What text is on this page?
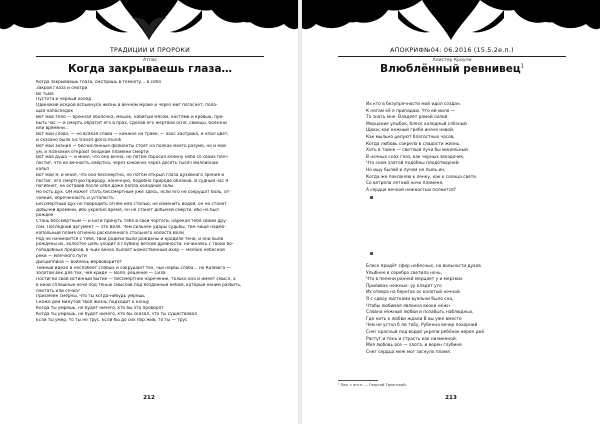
ТРАДИЦИИ И ПРОРОКИ
Атлас
Когда закрываешь глаза…

Когда закрываешь глаза, смотришь в темноту… в себя

Закрой глаза и смотри

Во тьма

Пустота и чёрный холод

Одинокий искрой вспыхнула жизнь в вечном мраке и через миг погаснет, пола-

щая напоследок

Вот мой тело — бренная оболочка, мешок, набитый мясом, костями и кровью, про-

быть час — и смерть обратит его в прах, сделав его жертвой огня, свинцы, болезни

или времени…

Вот мои слова, — но всякая слава — кинжал на траве, — хаос хаотрика, и опал цвет,

и сказано было Sic transit gloria mundi

Вот мои знания — бесчисленные фолианты стоят на полках моего разума, но и мой

ум, и познания откроют безднам пламени смерти

Вот мая душа — и мнил, что она вечна, но потом сбросил келину небо со своих плеч

постиг, что её вечность смертна, через какой-их через десять тысяч миллионов

кальп

Вот мой Я, и мнил, что оно бессмертно, но потом открыл глаза духовного зрения и

постиг, его смертную природу, конечную, подобно природе облаков. В судный час Я

погибнет, не оставив после себя даже пепла холодной золы

Но есть Дух. ОН может стать бессмертным уже здесь, если его не сокрушат боль, от-

чаяние, обречённость и усталость

Бессмертный Дух не повредить огнём или сталью, не изменить водой, он не станет

добычей времени, ибо укрепил время, он не станет добычей смерти, ибо не был

рождён

Стань бессмертным — и Боги принуть тебя в свои чертоги, нарекая тебя своим дру-

гом. Последний аргумент — это Воля. Чем сильнее удары судьбы, тем чище надмо-

копольный пламя огненно раскалённого стального холоста Воли

Род не начинается с тебя, твои родичи были рождены и кродиле тени, и они были

рождены их, холостее цепь уходит в глубину веткой древности, начинаясь с твоих бо-

гоподобных предков, в чьих венах пылает Божественный ихор — молоко небесной

реки — млечного пути

Дисциплина — войлень Вервоворитет

Тёмный идеал и неслабеет слабых и сокрушает тех, чьи нервы слаба… но Калиюга —

золотой век для тех, чей криде — Воля, решение — Сила

Постигни свой истинный бытие — бессмертное наречение, только оно и имеет смысл, а

в иной сплошные ночи под тенью смыслов под бездонный небом, который неним разбить,

смотать или сечка?

Присмейн смерны, что ты когда-нибудь умрёшь

Скоже дей минутой твоя жизнь подходит к концу

Когда ты умрёшь, не будет ничего, кто бы это проворят

Когда ты умрёшь, не будет ничего, кто бы сказал, что ты существовал

Если ты умер, то ты не трус. Если бы до сих пор жив, то ты — трус

212
АПОКРИФ№04: 06.2016 (15.5.2e.п.)
Алистер Кроули
Влюблённый ревнивец$^1$

Их кто в безупречности мой идол создан.

К ногам её я припадаю. Что ей мило —

То знать мне. Владеет рамой силой.

Мерцание улыбок, блеск холодный слёзный

Щеки, как нежный гребе иначе новой.

Как мыльно целуют благостных часов,

Когда любовь сокрела в сладости жизнь.

Хоть в тайне — светлый лучи бы минельный

В ночных снах глаз, как черных звездочек,

Что сном златой подобны плодотворней.

Но ищу былой и лучом не пыль ин,

Когда же поклоняю к ленку, как к солнца свете,

Со ветрела летний ночи пламеня,

А сердце вечной нежностью полнится?

Блеск придёт сфер небесных, но вольности духов

Улыбнее в серебро светила ночь,

Что в пелени ранней мерцает у и мерзких

Приливах нежных: уу кладет уго

Их отвера на берегах ос колотый ночной.

Я с сдвоу листками вуяльни было сна,

Чтобы любимая явленна вкоки нежн

Словно нежный любви и позабыть наблюдных,

Где нить к любви ждали В вы уже вместе

Чем не устал б ли тобу, Рубенна вечер похорний

Снег красный под водой укрепи ребёнок верен днё

Растут и тень и страсть как низменной.

Моя любовь все — злота, и верен глубине

Снег сердца меж мог заснуло пламя.

¹ Пер. с англ. — Георгий Тиханский.
213
